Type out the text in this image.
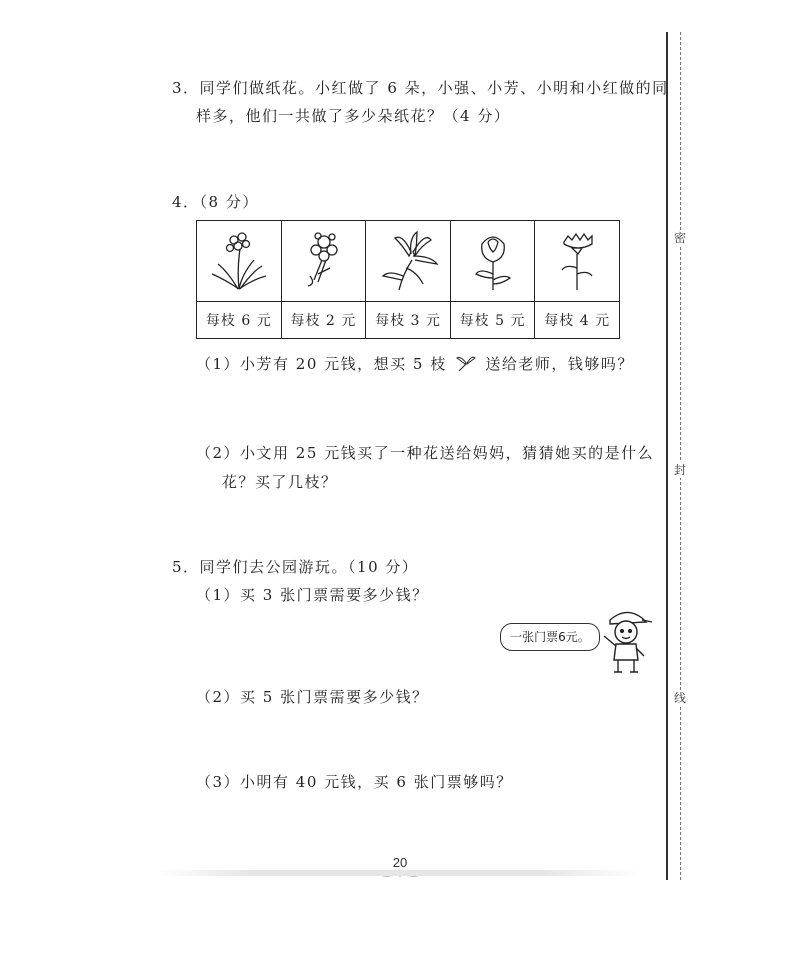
密
封
线
3．同学们做纸花。小红做了 6 朵，小强、小芳、小明和小红做的同
样多，他们一共做了多少朵纸花？（4 分）
4．（8 分）

每枝 6 元	每枝 2 元	每枝 3 元	每枝 5 元	每枝 4 元
（1）小芳有 20 元钱，想买 5 枝	送给老师，钱够吗？
（2）小文用 25 元钱买了一种花送给妈妈，猜猜她买的是什么
花？买了几枝？
5．同学们去公园游玩。（10 分）
（1）买 3 张门票需要多少钱？
一张门票6元。
（2）买 5 张门票需要多少钱？
（3）小明有 40 元钱，买 6 张门票够吗？
20
